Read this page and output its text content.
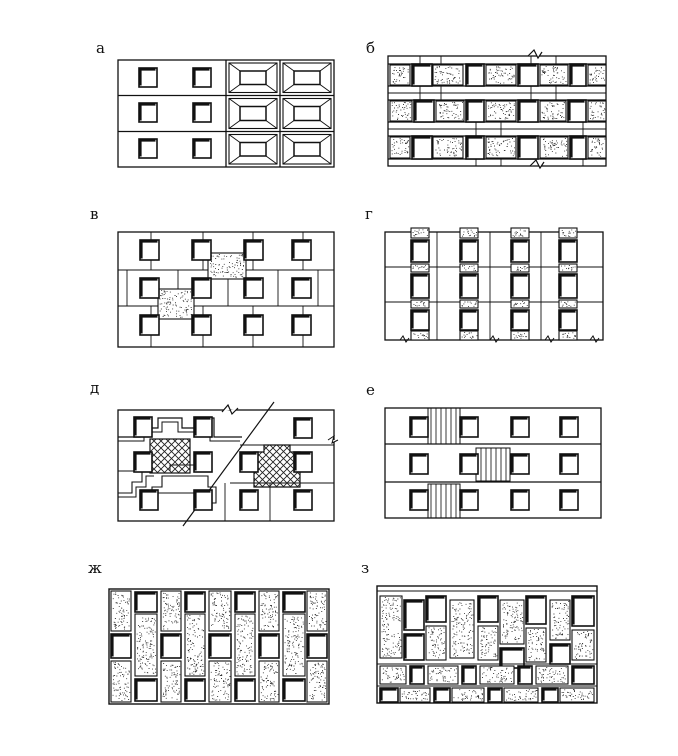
а	б
в	г
д	е
ж	з
